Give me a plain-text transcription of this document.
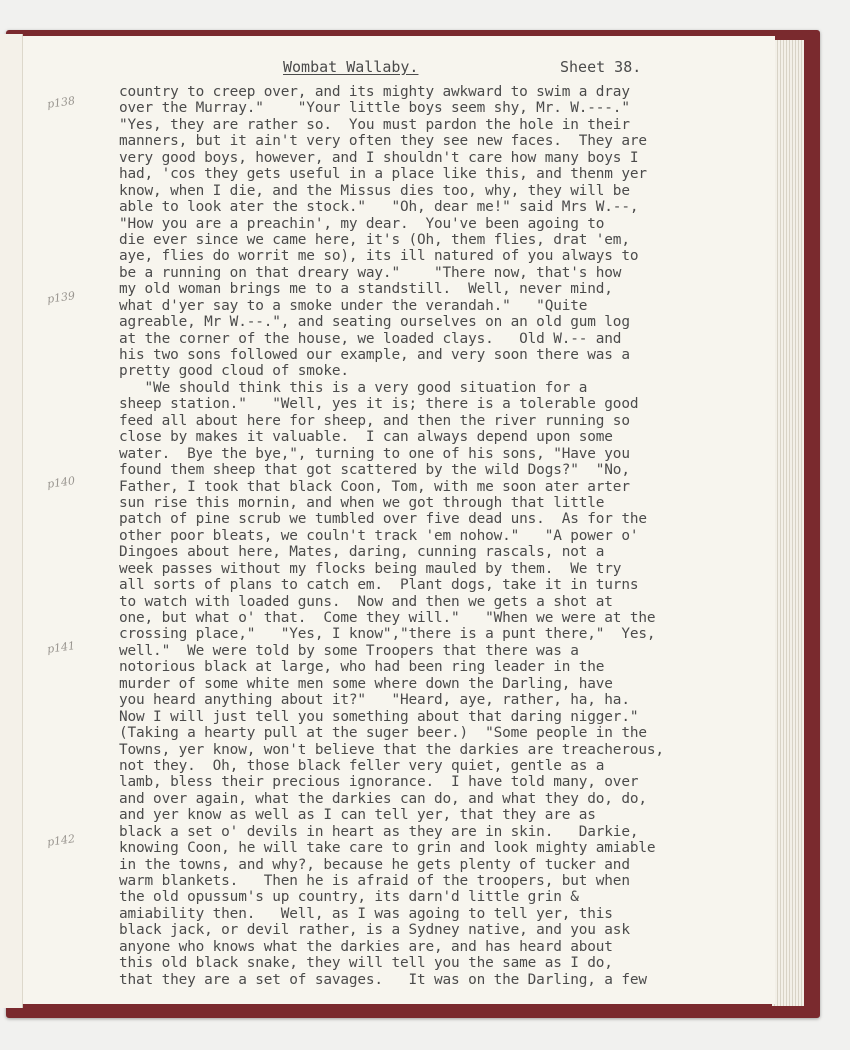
Wombat Wallaby.	Sheet 38.
p138
p139
p140
p141
p142
country to creep over, and its mighty awkward to swim a dray
over the Murray."    "Your little boys seem shy, Mr. W.---."
"Yes, they are rather so.  You must pardon the hole in their
manners, but it ain't very often they see new faces.  They are
very good boys, however, and I shouldn't care how many boys I
had, 'cos they gets useful in a place like this, and thenm yer
know, when I die, and the Missus dies too, why, they will be
able to look ater the stock."   "Oh, dear me!" said Mrs W.--,
"How you are a preachin', my dear.  You've been agoing to
die ever since we came here, it's (Oh, them flies, drat 'em,
aye, flies do worrit me so), its ill natured of you always to
be a running on that dreary way."    "There now, that's how
my old woman brings me to a standstill.  Well, never mind,
what d'yer say to a smoke under the verandah."   "Quite
agreable, Mr W.--.", and seating ourselves on an old gum log
at the corner of the house, we loaded clays.   Old W.-- and
his two sons followed our example, and very soon there was a
pretty good cloud of smoke.
"We should think this is a very good situation for a
sheep station."   "Well, yes it is; there is a tolerable good
feed all about here for sheep, and then the river running so
close by makes it valuable.  I can always depend upon some
water.  Bye the bye,", turning to one of his sons, "Have you
found them sheep that got scattered by the wild Dogs?"  "No,
Father, I took that black Coon, Tom, with me soon ater arter
sun rise this mornin, and when we got through that little
patch of pine scrub we tumbled over five dead uns.  As for the
other poor bleats, we couln't track 'em nohow."   "A power o'
Dingoes about here, Mates, daring, cunning rascals, not a
week passes without my flocks being mauled by them.  We try
all sorts of plans to catch em.  Plant dogs, take it in turns
to watch with loaded guns.  Now and then we gets a shot at
one, but what o' that.  Come they will."   "When we were at the
crossing place,"   "Yes, I know","there is a punt there,"  Yes,
well."  We were told by some Troopers that there was a
notorious black at large, who had been ring leader in the
murder of some white men some where down the Darling, have
you heard anything about it?"   "Heard, aye, rather, ha, ha.
Now I will just tell you something about that daring nigger."
(Taking a hearty pull at the suger beer.)  "Some people in the
Towns, yer know, won't believe that the darkies are treacherous,
not they.  Oh, those black feller very quiet, gentle as a
lamb, bless their precious ignorance.  I have told many, over
and over again, what the darkies can do, and what they do, do,
and yer know as well as I can tell yer, that they are as
black a set o' devils in heart as they are in skin.   Darkie,
knowing Coon, he will take care to grin and look mighty amiable
in the towns, and why?, because he gets plenty of tucker and
warm blankets.   Then he is afraid of the troopers, but when
the old opussum's up country, its darn'd little grin &
amiability then.   Well, as I was agoing to tell yer, this
black jack, or devil rather, is a Sydney native, and you ask
anyone who knows what the darkies are, and has heard about
this old black snake, they will tell you the same as I do,
that they are a set of savages.   It was on the Darling, a few
